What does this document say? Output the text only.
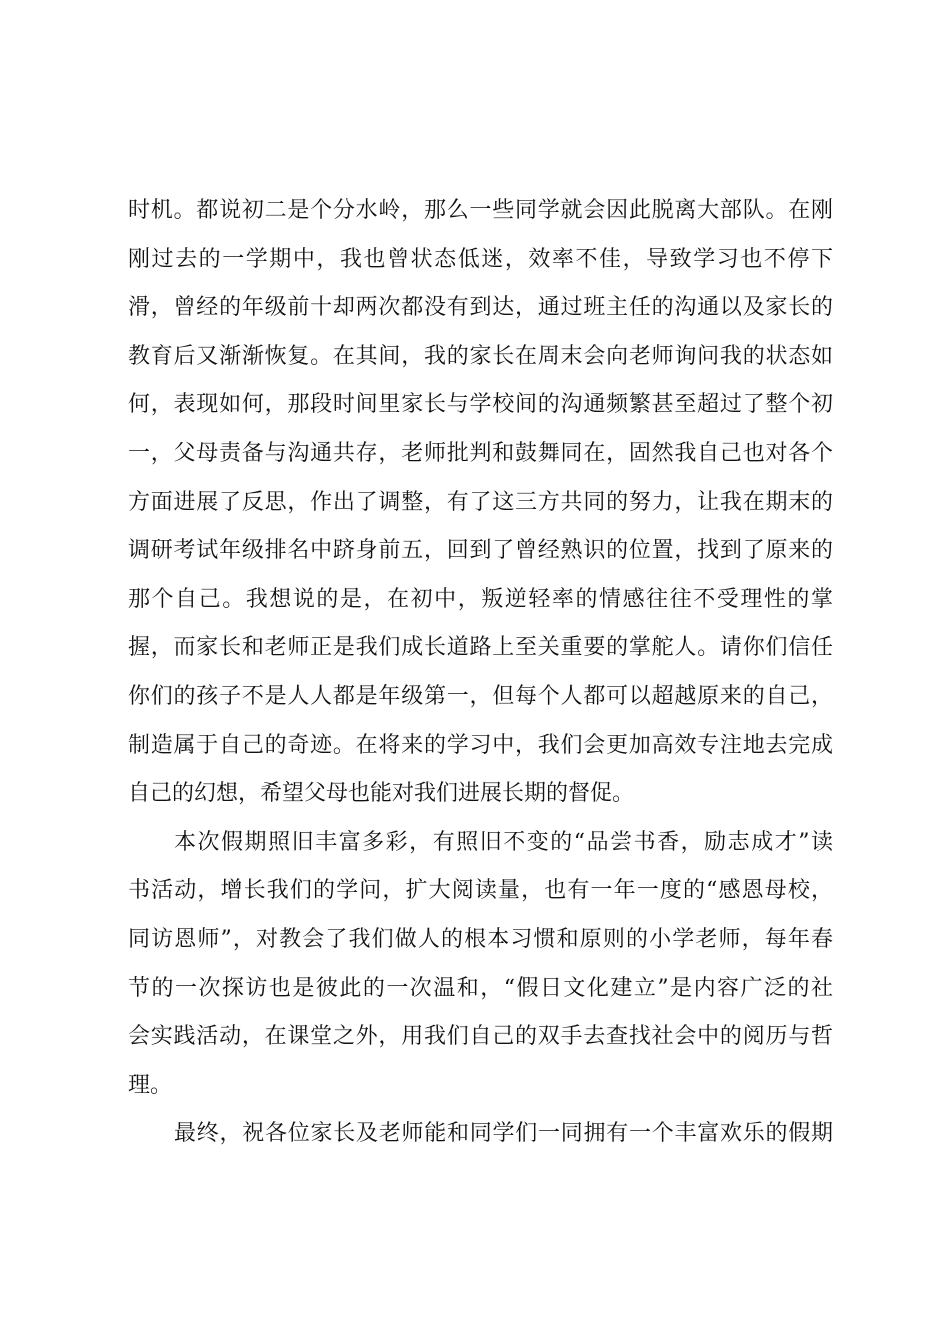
时机。都说初二是个分水岭，那么一些同学就会因此脱离大部队。在刚
刚过去的一学期中，我也曾状态低迷，效率不佳，导致学习也不停下
滑，曾经的年级前十却两次都没有到达，通过班主任的沟通以及家长的
教育后又渐渐恢复。在其间，我的家长在周末会向老师询问我的状态如
何，表现如何，那段时间里家长与学校间的沟通频繁甚至超过了整个初
一，父母责备与沟通共存，老师批判和鼓舞同在，固然我自己也对各个
方面进展了反思，作出了调整，有了这三方共同的努力，让我在期末的
调研考试年级排名中跻身前五，回到了曾经熟识的位置，找到了原来的
那个自己。我想说的是，在初中，叛逆轻率的情感往往不受理性的掌
握，而家长和老师正是我们成长道路上至关重要的掌舵人。请你们信任
你们的孩子不是人人都是年级第一，但每个人都可以超越原来的自己，
制造属于自己的奇迹。在将来的学习中，我们会更加高效专注地去完成
自己的幻想，希望父母也能对我们进展长期的督促。
本次假期照旧丰富多彩，有照旧不变的“品尝书香，励志成才”读
书活动，增长我们的学问，扩大阅读量，也有一年一度的“感恩母校，
同访恩师”，对教会了我们做人的根本习惯和原则的小学老师，每年春
节的一次探访也是彼此的一次温和，“假日文化建立”是内容广泛的社
会实践活动，在课堂之外，用我们自己的双手去查找社会中的阅历与哲
理。
最终，祝各位家长及老师能和同学们一同拥有一个丰富欢乐的假期
